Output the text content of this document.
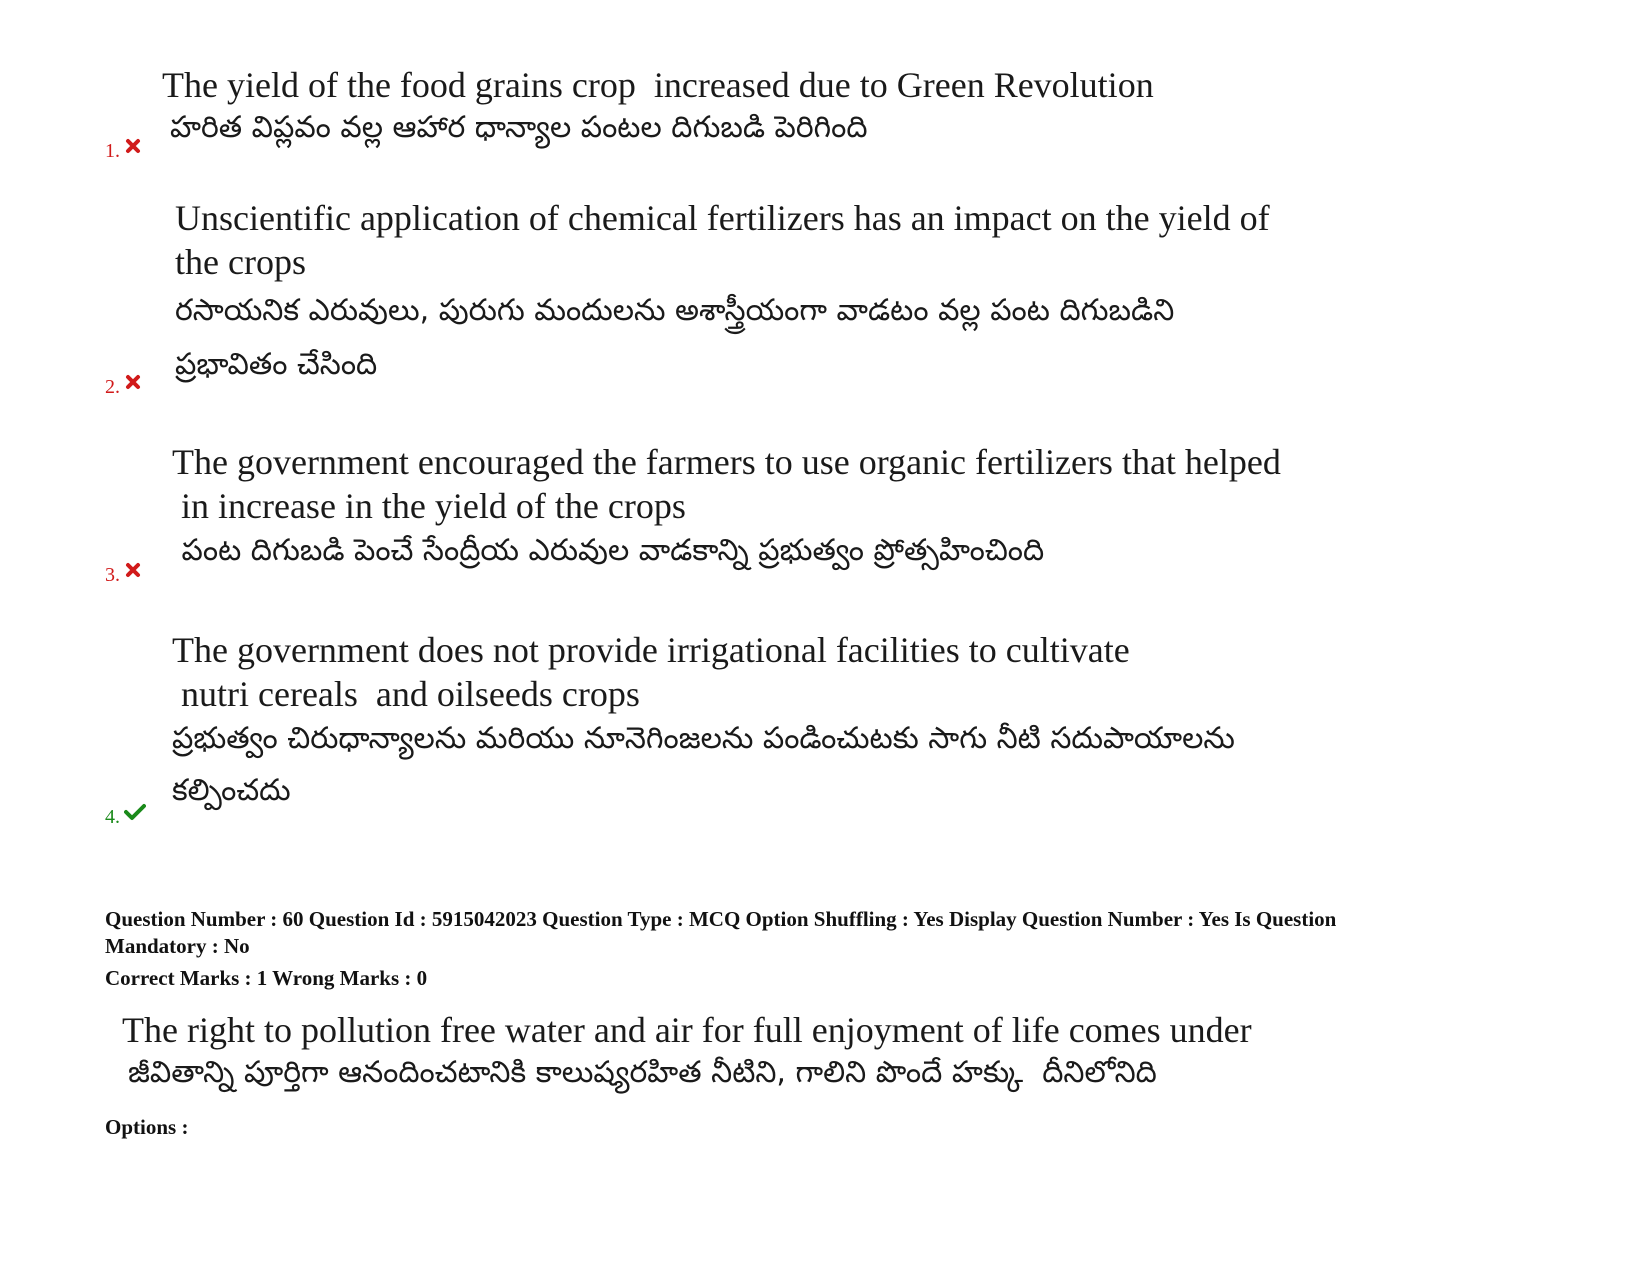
The yield of the food grains crop  increased due to Green Revolution
హరిత విప్లవం వల్ల ఆహార ధాన్యాల పంటల దిగుబడి పెరిగింది
1.
Unscientific application of chemical fertilizers has an impact on the yield of
the crops
రసాయనిక ఎరువులు, పురుగు మందులను అశాస్త్రీయంగా వాడటం వల్ల పంట దిగుబడిని
ప్రభావితం చేసింది
2.
The government encouraged the farmers to use organic fertilizers that helped
in increase in the yield of the crops
పంట దిగుబడి పెంచే సేంద్రీయ ఎరువుల వాడకాన్ని ప్రభుత్వం ప్రోత్సహించింది
3.
The government does not provide irrigational facilities to cultivate
nutri cereals  and oilseeds crops
ప్రభుత్వం చిరుధాన్యాలను మరియు నూనెగింజలను పండించుటకు సాగు నీటి సదుపాయాలను
కల్పించదు
4.
Question Number : 60 Question Id : 5915042023 Question Type : MCQ Option Shuffling : Yes Display Question Number : Yes Is Question
Mandatory : No
Correct Marks : 1 Wrong Marks : 0
The right to pollution free water and air for full enjoyment of life comes under
జీవితాన్ని పూర్తిగా ఆనందించటానికి కాలుష్యరహిత నీటిని, గాలిని పొందే హక్కు  దీనిలోనిది
Options :
